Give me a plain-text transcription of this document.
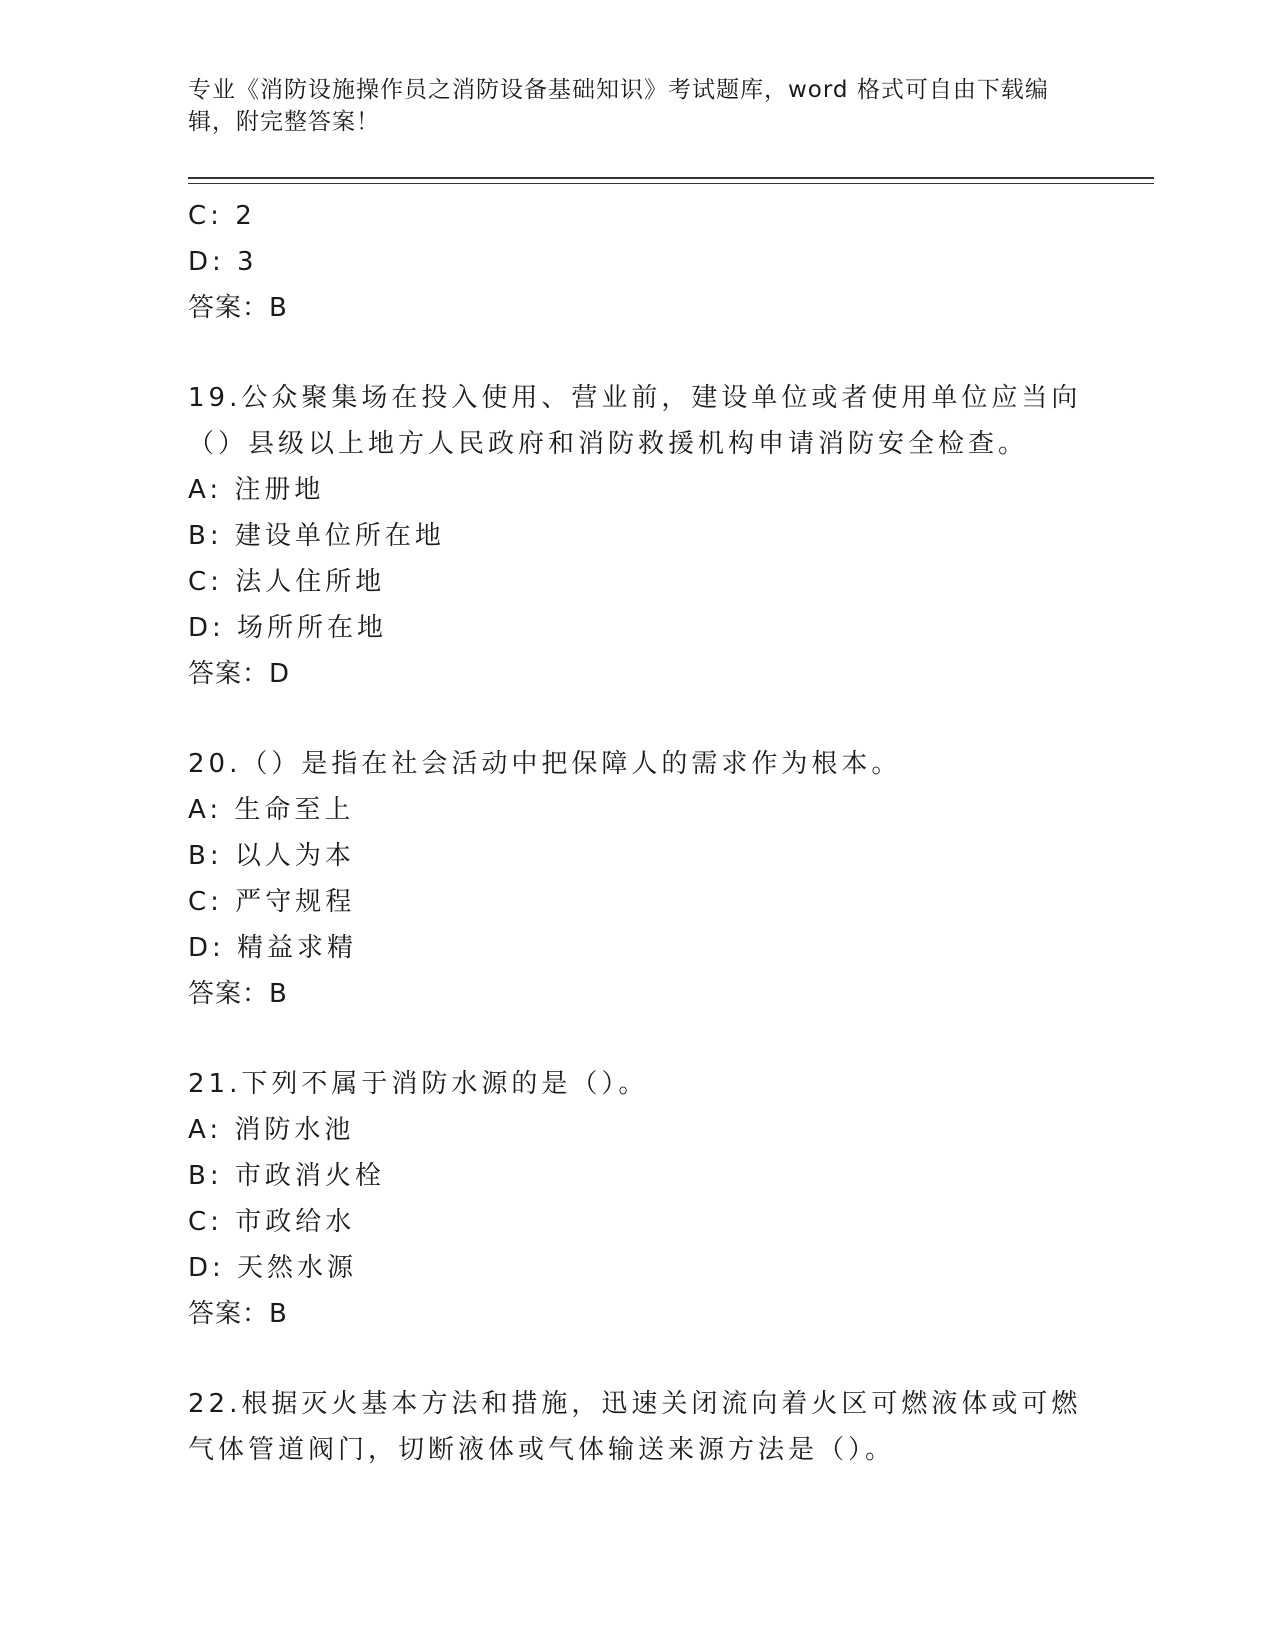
专业《消防设施操作员之消防设备基础知识》考试题库，word 格式可自由下载编辑，附完整答案！
C: 2
D: 3
答案：B
19.公众聚集场在投入使用、营业前，建设单位或者使用单位应当向（）县级以上地方人民政府和消防救援机构申请消防安全检查。
A: 注册地
B: 建设单位所在地
C: 法人住所地
D: 场所所在地
答案：D
20.（）是指在社会活动中把保障人的需求作为根本。
A: 生命至上
B: 以人为本
C: 严守规程
D: 精益求精
答案：B
21.下列不属于消防水源的是（）。
A: 消防水池
B: 市政消火栓
C: 市政给水
D: 天然水源
答案：B
22.根据灭火基本方法和措施，迅速关闭流向着火区可燃液体或可燃气体管道阀门，切断液体或气体输送来源方法是（）。
